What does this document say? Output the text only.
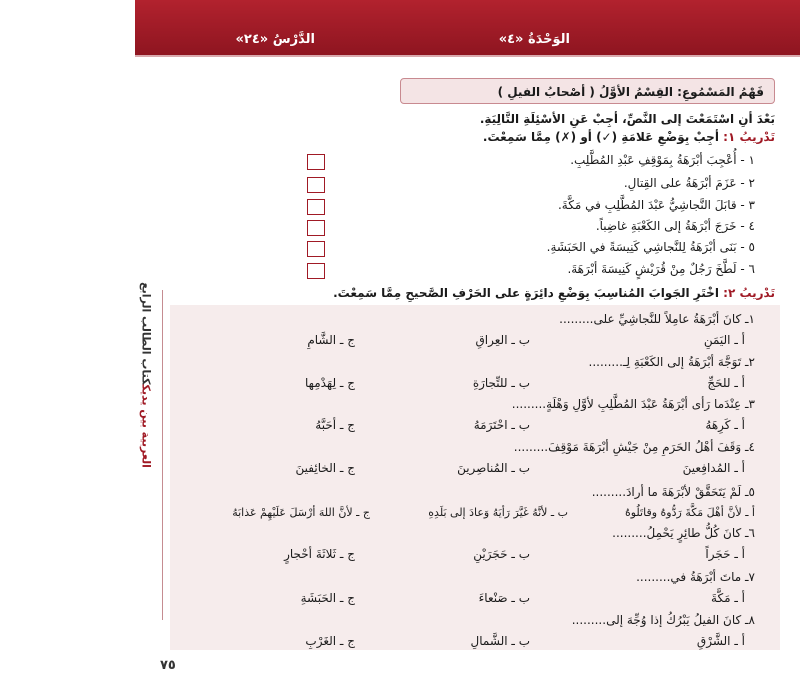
الوَحْدَةُ «٤»
الدَّرْسُ «٢٤»
العربية بين يديككتاب الطالب الرابع
فَهْمُ المَسْمُوعِ: القِسْمُ الأوَّلُ ( أصْحابُ الفيلِ )
بَعْدَ أنِ اسْتَمَعْتَ إلى النَّصِّ، أجِبْ عَنِ الأسْئِلَةِ التَّالِيَةِ.
تَدْريبُ ١: أجِبْ بِوَضْعِ عَلامَةِ (✓) أو (✗) مِمَّا سَمِعْتَ.
١ - أُعْجِبَ أبْرَهَةُ بِمَوْقِفِ عَبْدِ المُطَّلِبِ.
٢ - عَزَمَ أبْرَهَةُ على القِتالِ.
٣ - قابَلَ النَّجاشِيُّ عَبْدَ المُطَّلِبِ في مَكَّةَ.
٤ - خَرَجَ أبْرَهَةُ إلى الكَعْبَةِ غاضِباً.
٥ - بَنَى أبْرَهَةُ لِلنَّجاشِي كَنِيسَةً في الحَبَشَةِ.
٦ - لَطَّخَ رَجُلٌ مِنْ قُرَيْشٍ كَنِيسَةَ أبْرَهَةَ.
تَدْريبُ ٢: اخْتَرِ الجَوابَ المُناسِبَ بِوَضْعِ دائِرَةٍ على الحَرْفِ الصَّحيحِ مِمَّا سَمِعْتَ.
١ـ كانَ أبْرَهَةُ عامِلاً للنَّجاشِيِّ على.........
أ ـ اليَمَنِ
ب ـ العِراقِ
ج ـ الشَّامِ
٢ـ تَوَجَّهَ أبْرَهَةُ إلى الكَعْبَةِ لِـ.........
أ ـ للحَجِّ
ب ـ للتِّجارَةِ
ج ـ لِهَدْمِها
٣ـ عِنْدَما رَأى أبْرَهَةُ عَبْدَ المُطَّلِبِ لأوَّلِ وَهْلَةٍ.........
أ ـ كَرِهَهُ
ب ـ احْتَرَمَهُ
ج ـ أحَبَّهُ
٤ـ وَقَفَ أهْلُ الحَرَمِ مِنْ جَيْشِ أبْرَهَةَ مَوْقِفَ.........
أ ـ المُدافِعينَ
ب ـ المُناصِرينَ
ج ـ الخائِفينَ
٥ـ لَمْ يَتَحَقَّقْ لأبْرَهَةَ ما أرادَ.........
أ ـ لأنَّ أهْلَ مَكَّةَ رَدُّوهُ وقاتَلُوهُ
ب ـ لأنَّهُ غَيَّرَ رَأيَهُ وَعادَ إلى بَلَدِهِ
ج ـ لأنَّ اللهَ أرْسَلَ عَلَيْهِمْ عَذابَهُ
٦ـ كانَ كُلُّ طائِرٍ يَحْمِلُ.........
أ ـ حَجَراً
ب ـ حَجَرَيْنِ
ج ـ ثَلاثَةَ أحْجارٍ
٧ـ ماتَ أبْرَهَةُ في.........
أ ـ مَكَّةَ
ب ـ صَنْعاءَ
ج ـ الحَبَشَةِ
٨ـ كانَ الفيلُ يَبْرُكُ إذا وُجِّهَ إلى.........
أ ـ الشَّرْقِ
ب ـ الشَّمالِ
ج ـ الغَرْبِ
٧٥
